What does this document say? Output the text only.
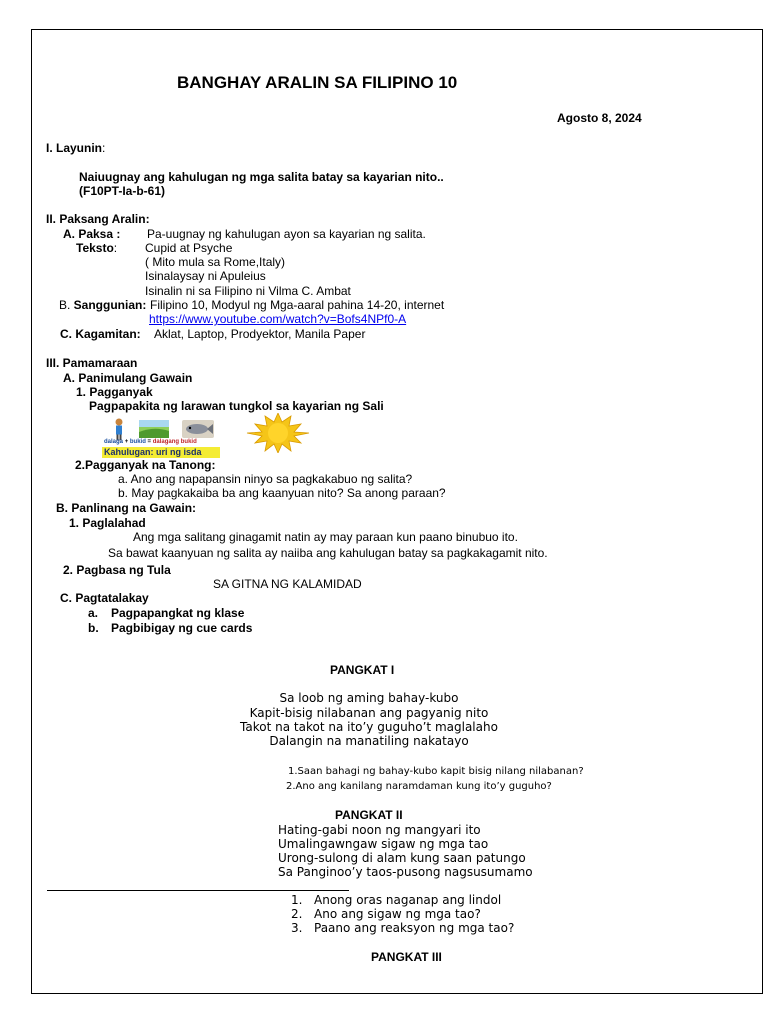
BANGHAY ARALIN SA FILIPINO 10
Agosto 8, 2024
I. Layunin:
Naiuugnay ang kahulugan ng mga salita batay sa kayarian nito..
(F10PT-Ia-b-61)
II. Paksang Aralin:
A. Paksa : Pa-uugnay ng kahulugan ayon sa kayarian ng salita.
Teksto: Cupid at Psyche
( Mito mula sa Rome,Italy)
Isinalaysay ni Apuleius
Isinalin ni sa Filipino ni Vilma C. Ambat
B. Sanggunian: Filipino 10, Modyul ng Mga-aaral pahina 14-20, internet
https://www.youtube.com/watch?v=Bofs4NPf0-A
C. Kagamitan: Aklat, Laptop, Prodyektor, Manila Paper
III. Pamamaraan
A. Panimulang Gawain
1. Pagganyak
Pagpapakita ng larawan tungkol sa kayarian ng Sali
dalaga + bukid = dalagang bukid
Kahulugan: uri ng isda
2.Pagganyak na Tanong:
a. Ano ang napapansin ninyo sa pagkakabuo ng salita?
b. May pagkakaiba ba ang kaanyuan nito? Sa anong paraan?
B. Panlinang na Gawain:
1. Paglalahad
Ang mga salitang ginagamit natin ay may paraan kun paano binubuo ito.
Sa bawat kaanyuan ng salita ay naiiba ang kahulugan batay sa pagkakagamit nito.
2. Pagbasa ng Tula
SA GITNA NG KALAMIDAD
C. Pagtatalakay
a. Pagpapangkat ng klase
b. Pagbibigay ng cue cards
PANGKAT I
Sa loob ng aming bahay-kubo
Kapit-bisig nilabanan ang pagyanig nito
Takot na takot na ito’y guguho’t maglalaho
Dalangin na manatiling nakatayo
1.Saan bahagi ng bahay-kubo kapit bisig nilang nilabanan?
2.Ano ang kanilang naramdaman kung ito’y guguho?
PANGKAT II
Hating-gabi noon ng mangyari ito
Umalingawngaw sigaw ng mga tao
Urong-sulong di alam kung saan patungo
Sa Panginoo’y taos-pusong nagsusumamo
1. Anong oras naganap ang lindol
2. Ano ang sigaw ng mga tao?
3. Paano ang reaksyon ng mga tao?
PANGKAT III
